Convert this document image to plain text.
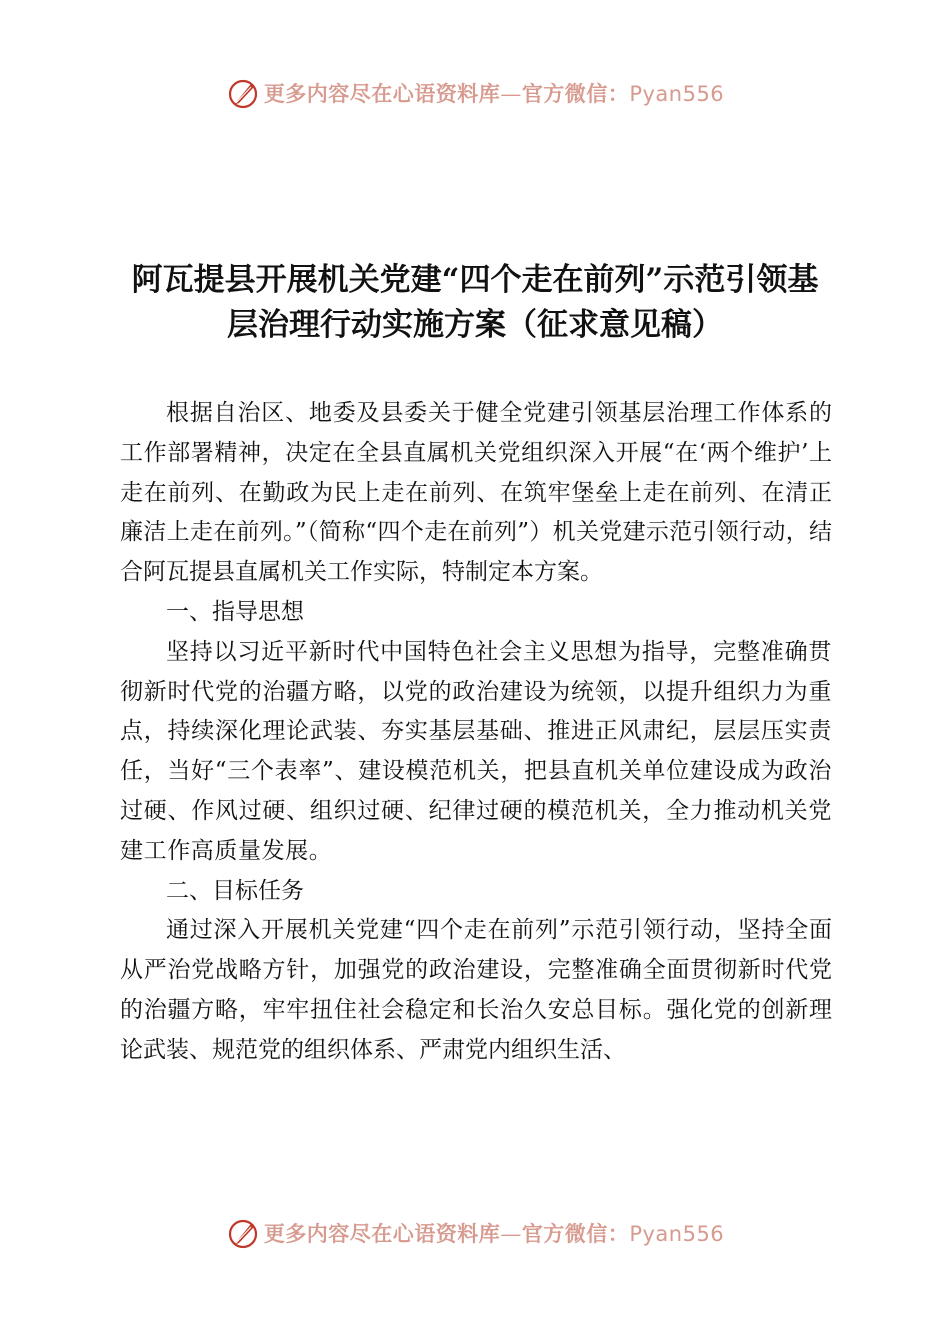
更多内容尽在心语资料库—官方微信：Pyan556
阿瓦提县开展机关党建“四个走在前列”示范引领基
层治理行动实施方案（征求意见稿）

根据自治区、地委及县委关于健全党建引领基层治理工作体系的工作部署精神，决定在全县直属机关党组织深入开展“在‘两个维护’上走在前列、在勤政为民上走在前列、在筑牢堡垒上走在前列、在清正廉洁上走在前列。”（简称“四个走在前列”）机关党建示范引领行动，结合阿瓦提县直属机关工作实际，特制定本方案。

一、指导思想

坚持以习近平新时代中国特色社会主义思想为指导，完整准确贯彻新时代党的治疆方略，以党的政治建设为统领，以提升组织力为重点，持续深化理论武装、夯实基层基础、推进正风肃纪，层层压实责任，当好“三个表率”、建设模范机关，把县直机关单位建设成为政治过硬、作风过硬、组织过硬、纪律过硬的模范机关，全力推动机关党建工作高质量发展。

二、目标任务

通过深入开展机关党建“四个走在前列”示范引领行动，坚持全面从严治党战略方针，加强党的政治建设，完整准确全面贯彻新时代党的治疆方略，牢牢扭住社会稳定和长治久安总目标。强化党的创新理论武装、规范党的组织体系、严肃党内组织生活、

更多内容尽在心语资料库—官方微信：Pyan556
